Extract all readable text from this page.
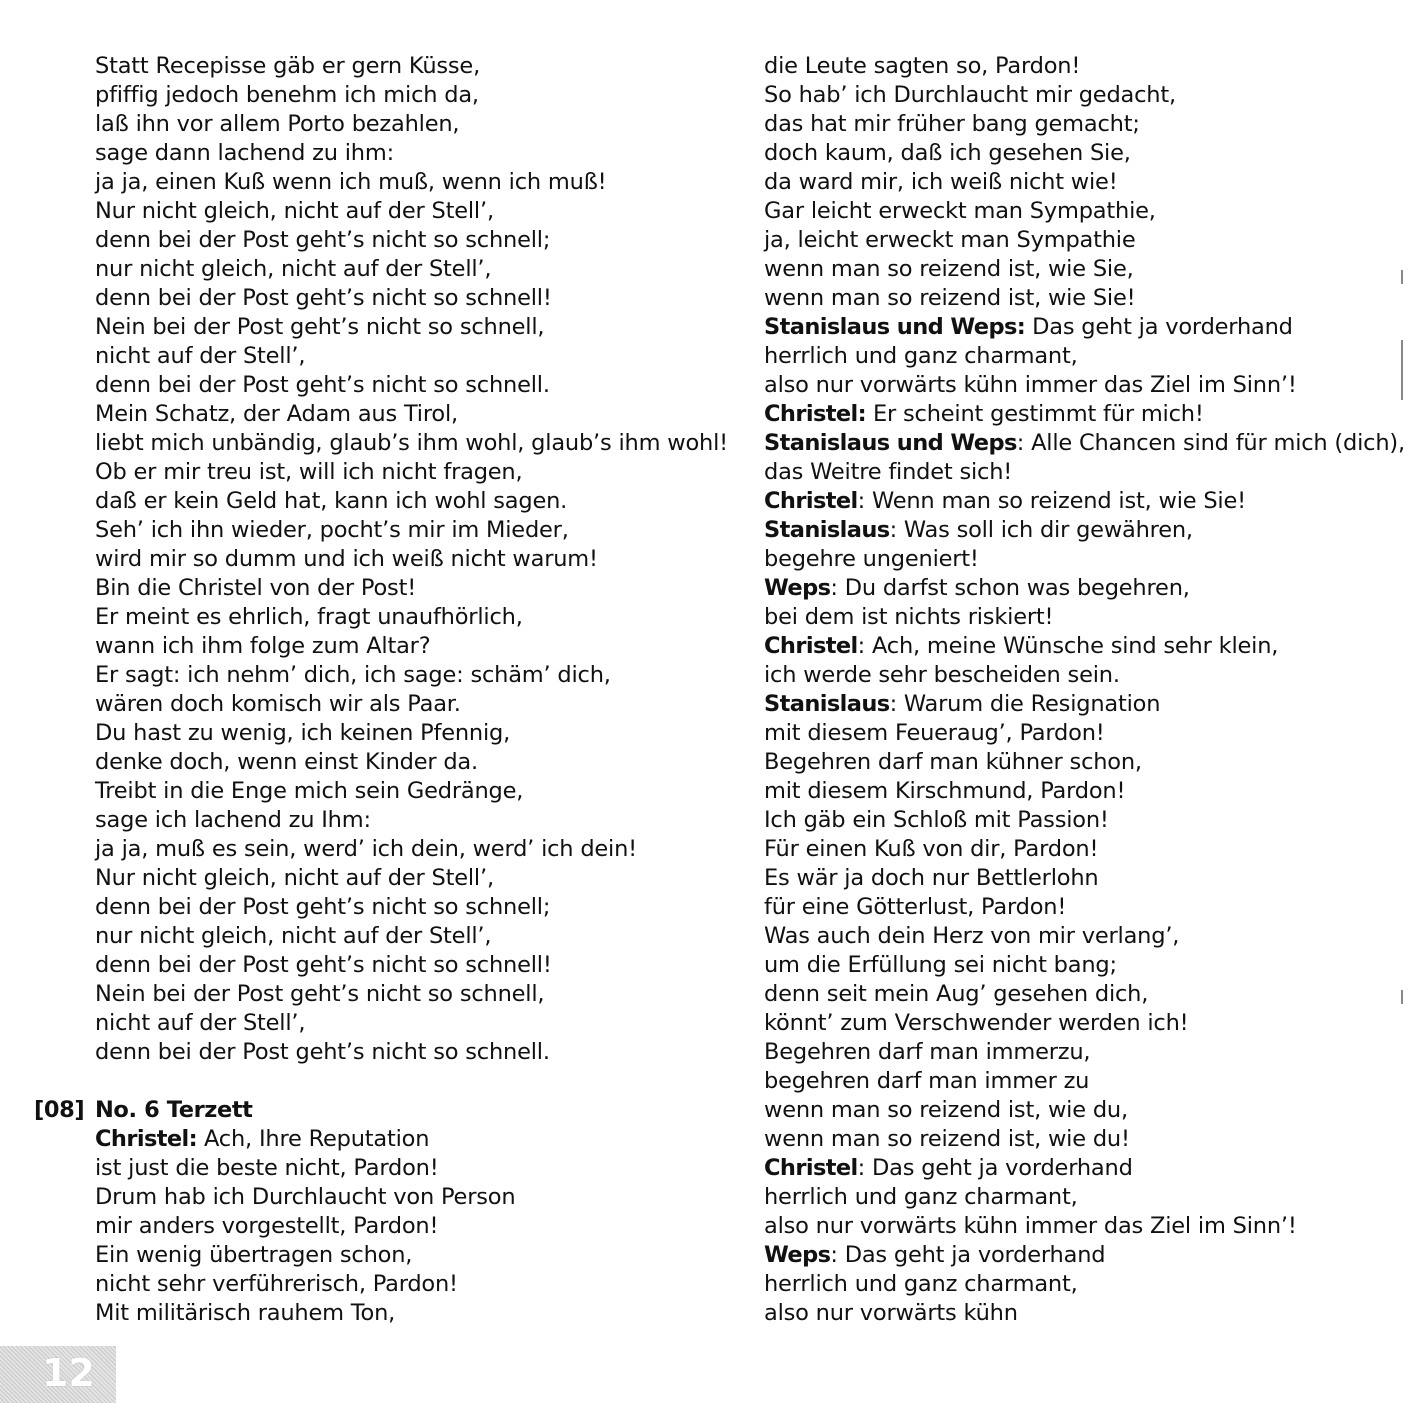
Statt Recepisse gäb er gern Küsse,
pfiffig jedoch benehm ich mich da,
laß ihn vor allem Porto bezahlen,
sage dann lachend zu ihm:
ja ja, einen Kuß wenn ich muß, wenn ich muß!
Nur nicht gleich, nicht auf der Stell’,
denn bei der Post geht’s nicht so schnell;
nur nicht gleich, nicht auf der Stell’,
denn bei der Post geht’s nicht so schnell!
Nein bei der Post geht’s nicht so schnell,
nicht auf der Stell’,
denn bei der Post geht’s nicht so schnell.
Mein Schatz, der Adam aus Tirol,
liebt mich unbändig, glaub’s ihm wohl, glaub’s ihm wohl!
Ob er mir treu ist, will ich nicht fragen,
daß er kein Geld hat, kann ich wohl sagen.
Seh’ ich ihn wieder, pocht’s mir im Mieder,
wird mir so dumm und ich weiß nicht warum!
Bin die Christel von der Post!
Er meint es ehrlich, fragt unaufhörlich,
wann ich ihm folge zum Altar?
Er sagt: ich nehm’ dich, ich sage: schäm’ dich,
wären doch komisch wir als Paar.
Du hast zu wenig, ich keinen Pfennig,
denke doch, wenn einst Kinder da.
Treibt in die Enge mich sein Gedränge,
sage ich lachend zu Ihm:
ja ja, muß es sein, werd’ ich dein, werd’ ich dein!
Nur nicht gleich, nicht auf der Stell’,
denn bei der Post geht’s nicht so schnell;
nur nicht gleich, nicht auf der Stell’,
denn bei der Post geht’s nicht so schnell!
Nein bei der Post geht’s nicht so schnell,
nicht auf der Stell’,
denn bei der Post geht’s nicht so schnell.
[08] No. 6 Terzett
Christel: Ach, Ihre Reputation
ist just die beste nicht, Pardon!
Drum hab ich Durchlaucht von Person
mir anders vorgestellt, Pardon!
Ein wenig übertragen schon,
nicht sehr verführerisch, Pardon!
Mit militärisch rauhem Ton,
die Leute sagten so, Pardon!
So hab’ ich Durchlaucht mir gedacht,
das hat mir früher bang gemacht;
doch kaum, daß ich gesehen Sie,
da ward mir, ich weiß nicht wie!
Gar leicht erweckt man Sympathie,
ja, leicht erweckt man Sympathie
wenn man so reizend ist, wie Sie,
wenn man so reizend ist, wie Sie!
Stanislaus und Weps: Das geht ja vorderhand
herrlich und ganz charmant,
also nur vorwärts kühn immer das Ziel im Sinn’!
Christel: Er scheint gestimmt für mich!
Stanislaus und Weps: Alle Chancen sind für mich (dich),
das Weitre findet sich!
Christel: Wenn man so reizend ist, wie Sie!
Stanislaus: Was soll ich dir gewähren,
begehre ungeniert!
Weps: Du darfst schon was begehren,
bei dem ist nichts riskiert!
Christel: Ach, meine Wünsche sind sehr klein,
ich werde sehr bescheiden sein.
Stanislaus: Warum die Resignation
mit diesem Feueraug’, Pardon!
Begehren darf man kühner schon,
mit diesem Kirschmund, Pardon!
Ich gäb ein Schloß mit Passion!
Für einen Kuß von dir, Pardon!
Es wär ja doch nur Bettlerlohn
für eine Götterlust, Pardon!
Was auch dein Herz von mir verlang’,
um die Erfüllung sei nicht bang;
denn seit mein Aug’ gesehen dich,
könnt’ zum Verschwender werden ich!
Begehren darf man immerzu,
begehren darf man immer zu
wenn man so reizend ist, wie du,
wenn man so reizend ist, wie du!
Christel: Das geht ja vorderhand
herrlich und ganz charmant,
also nur vorwärts kühn immer das Ziel im Sinn’!
Weps: Das geht ja vorderhand
herrlich und ganz charmant,
also nur vorwärts kühn
12
